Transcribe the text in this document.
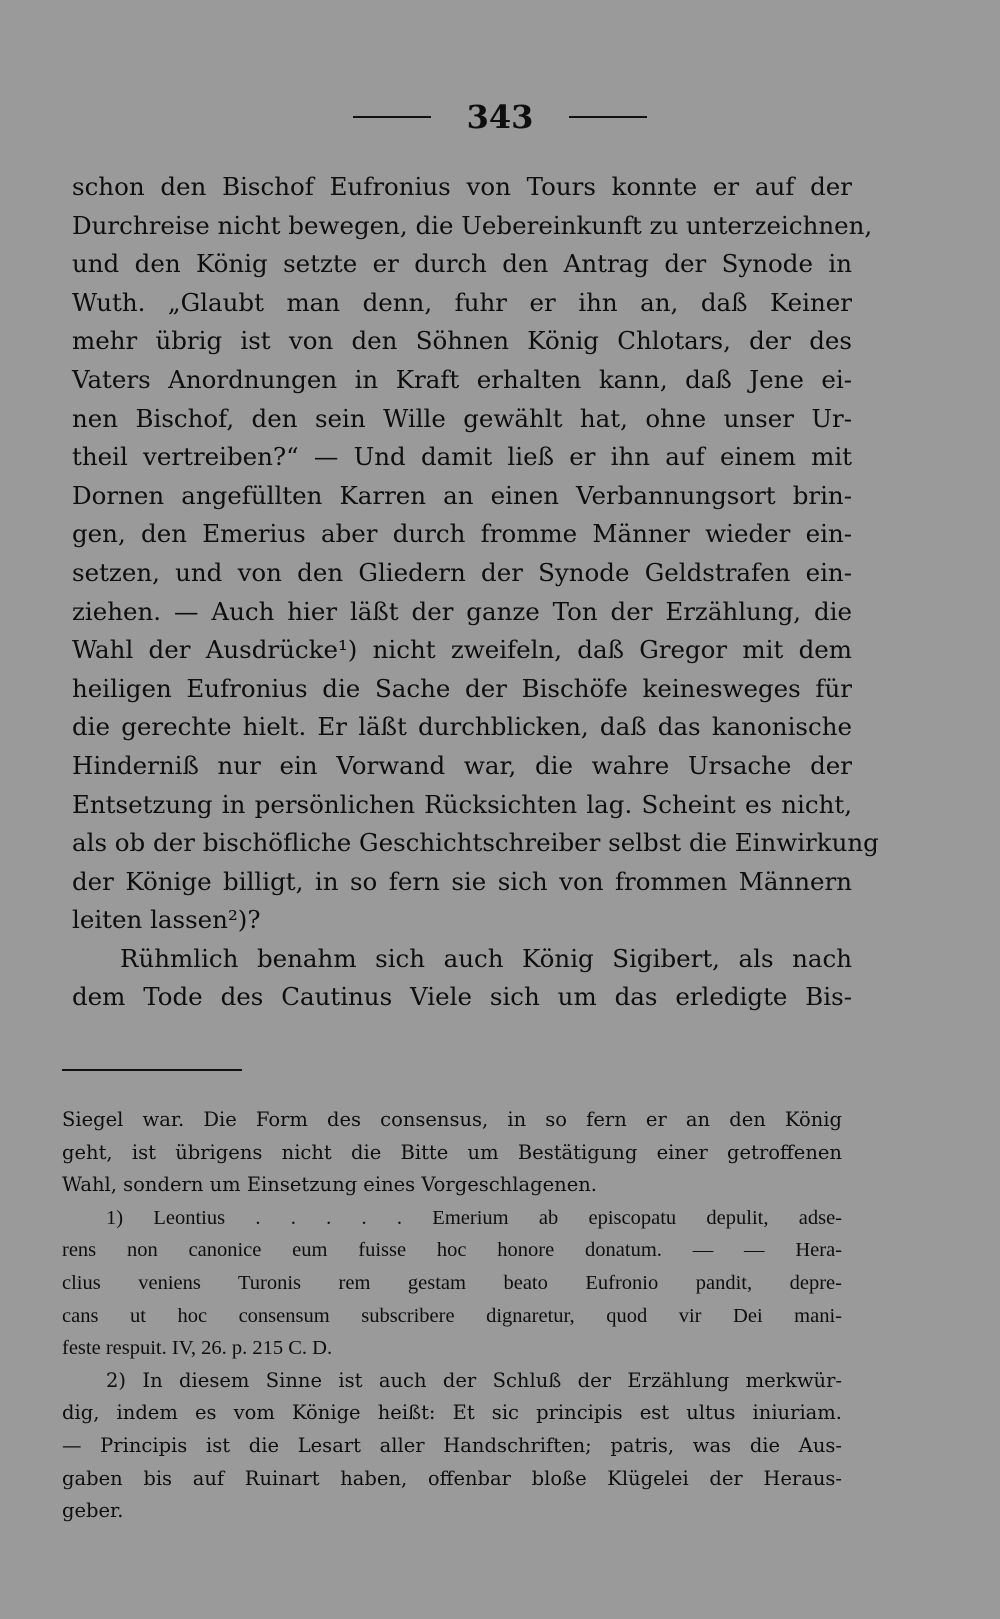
343
schon den Bischof Eufronius von Tours konnte er auf der
Durchreise nicht bewegen, die Uebereinkunft zu unterzeichnen,
und den König setzte er durch den Antrag der Synode in
Wuth. „Glaubt man denn, fuhr er ihn an, daß Keiner
mehr übrig ist von den Söhnen König Chlotars, der des
Vaters Anordnungen in Kraft erhalten kann, daß Jene ei-
nen Bischof, den sein Wille gewählt hat, ohne unser Ur-
theil vertreiben?“ — Und damit ließ er ihn auf einem mit
Dornen angefüllten Karren an einen Verbannungsort brin-
gen, den Emerius aber durch fromme Männer wieder ein-
setzen, und von den Gliedern der Synode Geldstrafen ein-
ziehen. — Auch hier läßt der ganze Ton der Erzählung, die
Wahl der Ausdrücke¹) nicht zweifeln, daß Gregor mit dem
heiligen Eufronius die Sache der Bischöfe keinesweges für
die gerechte hielt. Er läßt durchblicken, daß das kanonische
Hinderniß nur ein Vorwand war, die wahre Ursache der
Entsetzung in persönlichen Rücksichten lag. Scheint es nicht,
als ob der bischöfliche Geschichtschreiber selbst die Einwirkung
der Könige billigt, in so fern sie sich von frommen Männern
leiten lassen²)?
Rühmlich benahm sich auch König Sigibert, als nach
dem Tode des Cautinus Viele sich um das erledigte Bis-
Siegel war. Die Form des consensus, in so fern er an den König
geht, ist übrigens nicht die Bitte um Bestätigung einer getroffenen
Wahl, sondern um Einsetzung eines Vorgeschlagenen.
1) Leontius . . . . . Emerium ab episcopatu depulit, adse-
rens non canonice eum fuisse hoc honore donatum. — — Hera-
clius veniens Turonis rem gestam beato Eufronio pandit, depre-
cans ut hoc consensum subscribere dignaretur, quod vir Dei mani-
feste respuit. IV, 26. p. 215 C. D.
2) In diesem Sinne ist auch der Schluß der Erzählung merkwür-
dig, indem es vom Könige heißt: Et sic principis est ultus iniuriam.
— Principis ist die Lesart aller Handschriften; patris, was die Aus-
gaben bis auf Ruinart haben, offenbar bloße Klügelei der Heraus-
geber.
